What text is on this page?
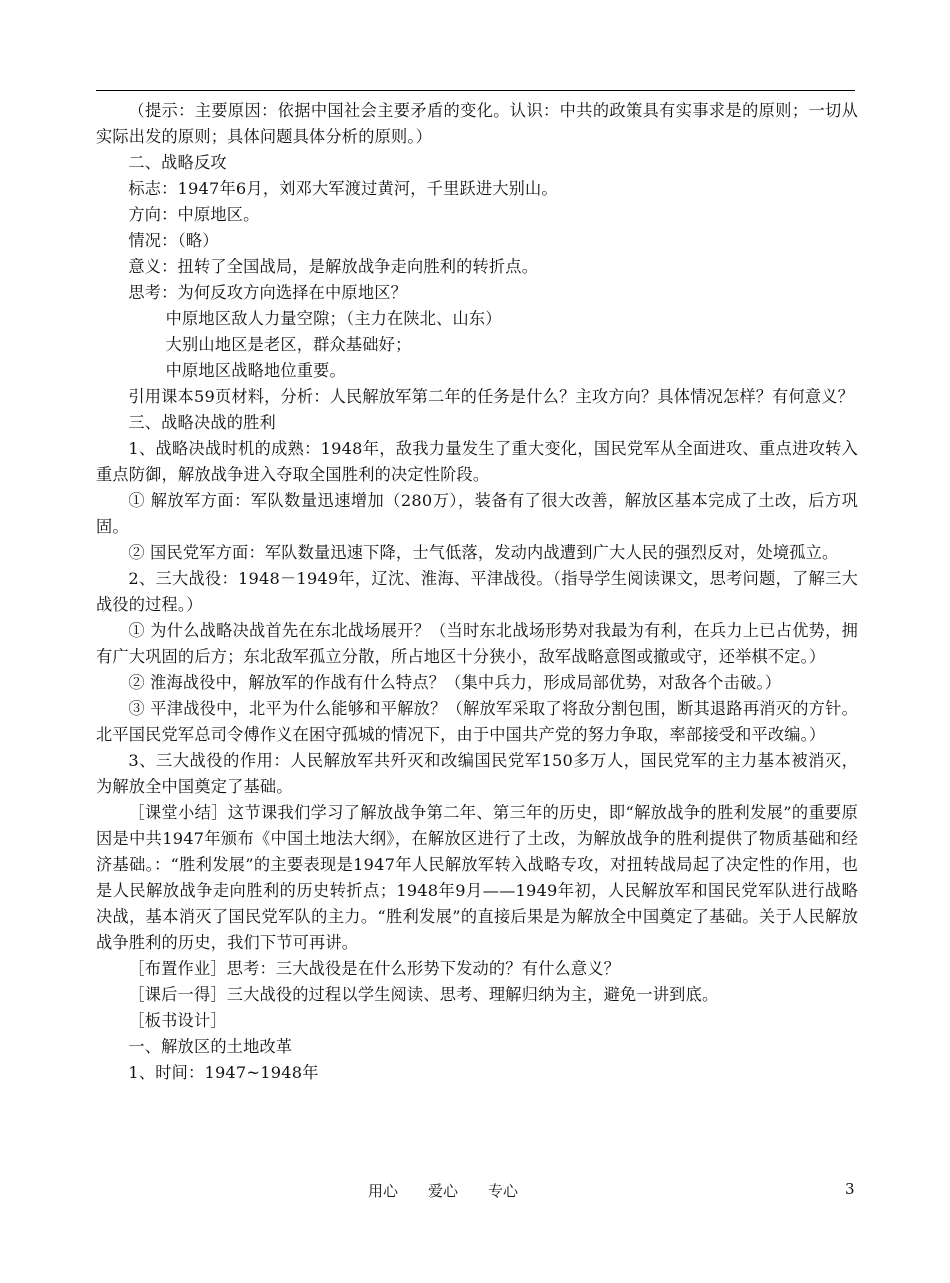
（提示：主要原因：依据中国社会主要矛盾的变化。认识：中共的政策具有实事求是的原则；一切从实际出发的原则；具体问题具体分析的原则。）

二、战略反攻

标志：1947年6月，刘邓大军渡过黄河，千里跃进大别山。

方向：中原地区。

情况：（略）

意义：扭转了全国战局，是解放战争走向胜利的转折点。

思考：为何反攻方向选择在中原地区？

中原地区敌人力量空隙；（主力在陕北、山东）

大别山地区是老区，群众基础好；

中原地区战略地位重要。

引用课本59页材料，分析：人民解放军第二年的任务是什么？主攻方向？具体情况怎样？有何意义？

三、战略决战的胜利

1、战略决战时机的成熟：1948年，敌我力量发生了重大变化，国民党军从全面进攻、重点进攻转入重点防御，解放战争进入夺取全国胜利的决定性阶段。

① 解放军方面：军队数量迅速增加（280万），装备有了很大改善，解放区基本完成了土改，后方巩固。

② 国民党军方面：军队数量迅速下降，士气低落，发动内战遭到广大人民的强烈反对，处境孤立。

2、三大战役：1948－1949年，辽沈、淮海、平津战役。（指导学生阅读课文，思考问题，了解三大战役的过程。）

① 为什么战略决战首先在东北战场展开？（当时东北战场形势对我最为有利，在兵力上已占优势，拥有广大巩固的后方；东北敌军孤立分散，所占地区十分狭小，敌军战略意图或撤或守，还举棋不定。）

② 淮海战役中，解放军的作战有什么特点？（集中兵力，形成局部优势，对敌各个击破。）

③ 平津战役中，北平为什么能够和平解放？（解放军采取了将敌分割包围，断其退路再消灭的方针。北平国民党军总司令傅作义在困守孤城的情况下，由于中国共产党的努力争取，率部接受和平改编。）

3、三大战役的作用：人民解放军共歼灭和改编国民党军150多万人，国民党军的主力基本被消灭，为解放全中国奠定了基础。

［课堂小结］这节课我们学习了解放战争第二年、第三年的历史，即“解放战争的胜利发展”的重要原因是中共1947年颁布《中国土地法大纲》，在解放区进行了土改，为解放战争的胜利提供了物质基础和经济基础。：“胜利发展”的主要表现是1947年人民解放军转入战略专攻，对扭转战局起了决定性的作用，也是人民解放战争走向胜利的历史转折点；1948年9月——1949年初，人民解放军和国民党军队进行战略决战，基本消灭了国民党军队的主力。“胜利发展”的直接后果是为解放全中国奠定了基础。关于人民解放战争胜利的历史，我们下节可再讲。

［布置作业］思考：三大战役是在什么形势下发动的？有什么意义？

［课后一得］三大战役的过程以学生阅读、思考、理解归纳为主，避免一讲到底。

［板书设计］

一、解放区的土地改革

1、时间：1947~1948年

用心　　爱心　　专心	3
